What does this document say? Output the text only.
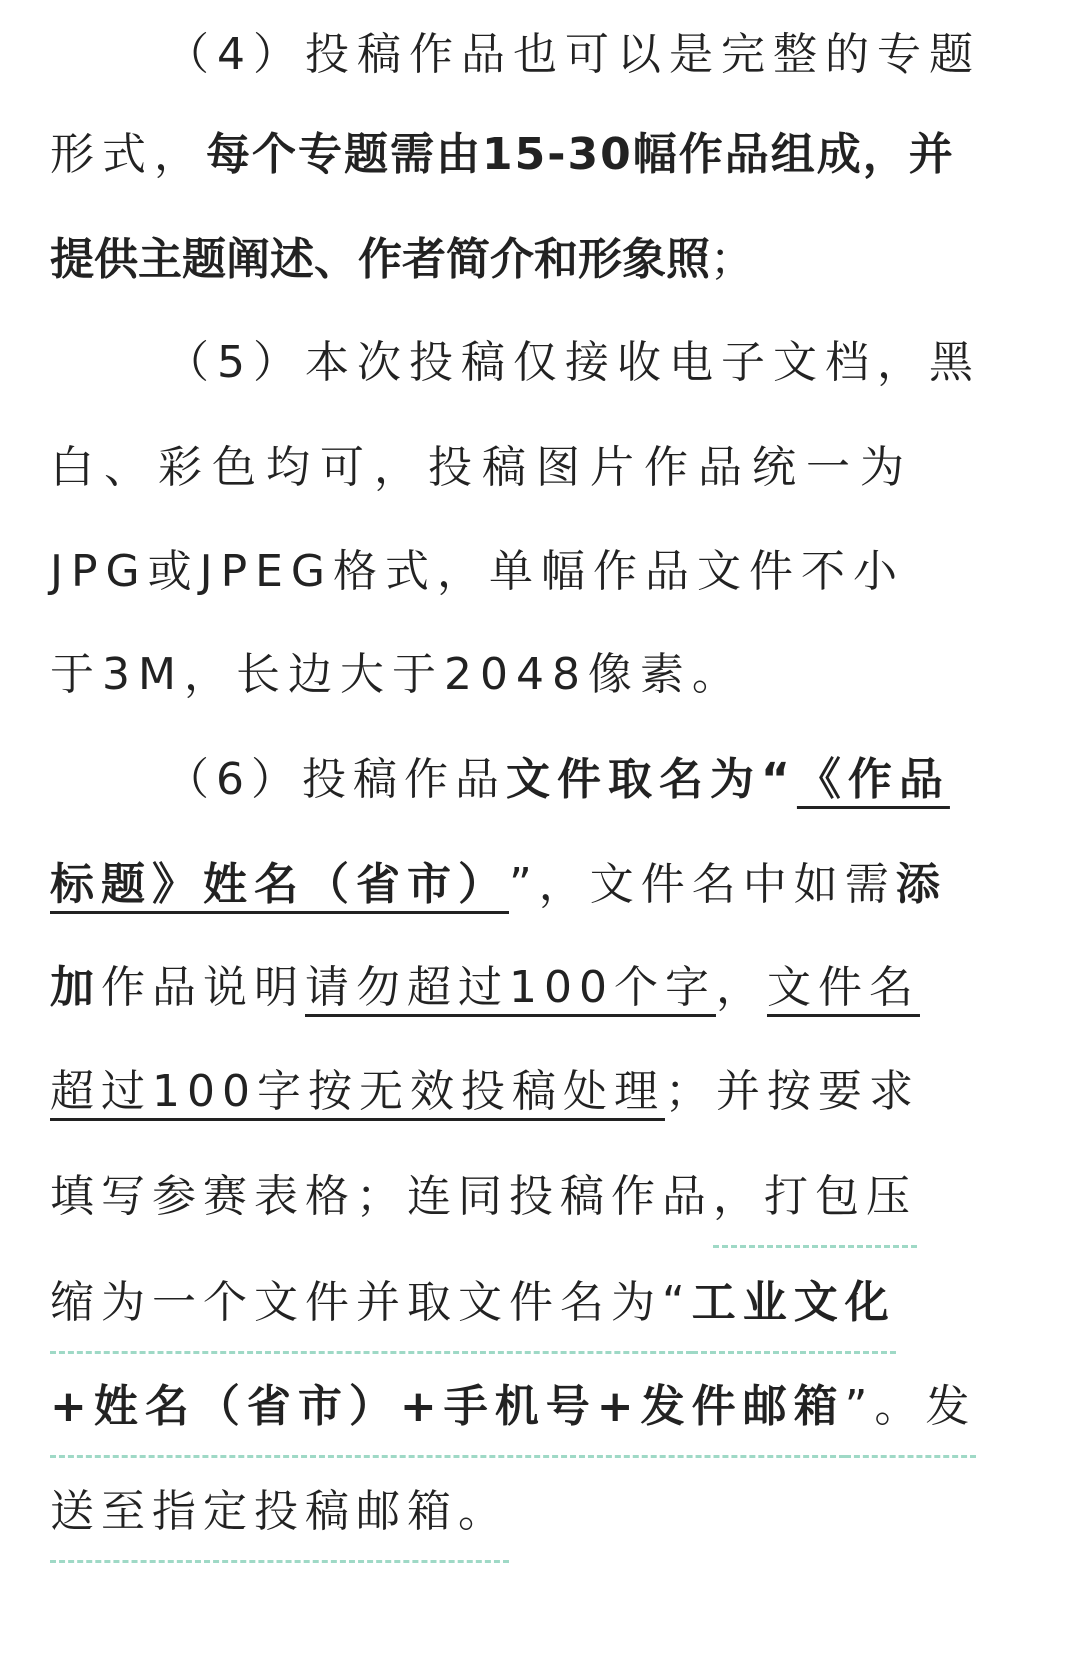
（4）投稿作品也可以是完整的专题
形式，每个专题需由15-30幅作品组成，并
提供主题阐述、作者简介和形象照；
（5）本次投稿仅接收电子文档，黑
白、彩色均可，投稿图片作品统一为
JPG或JPEG格式，单幅作品文件不小
于3M，长边大于2048像素。
（6）投稿作品文件取名为“《作品
标题》姓名（省市）”，文件名中如需添
加作品说明请勿超过100个字，文件名
超过100字按无效投稿处理；并按要求
填写参赛表格；连同投稿作品，打包压
缩为一个文件并取文件名为“工业文化
+姓名（省市）+手机号+发件邮箱”。发
送至指定投稿邮箱。
